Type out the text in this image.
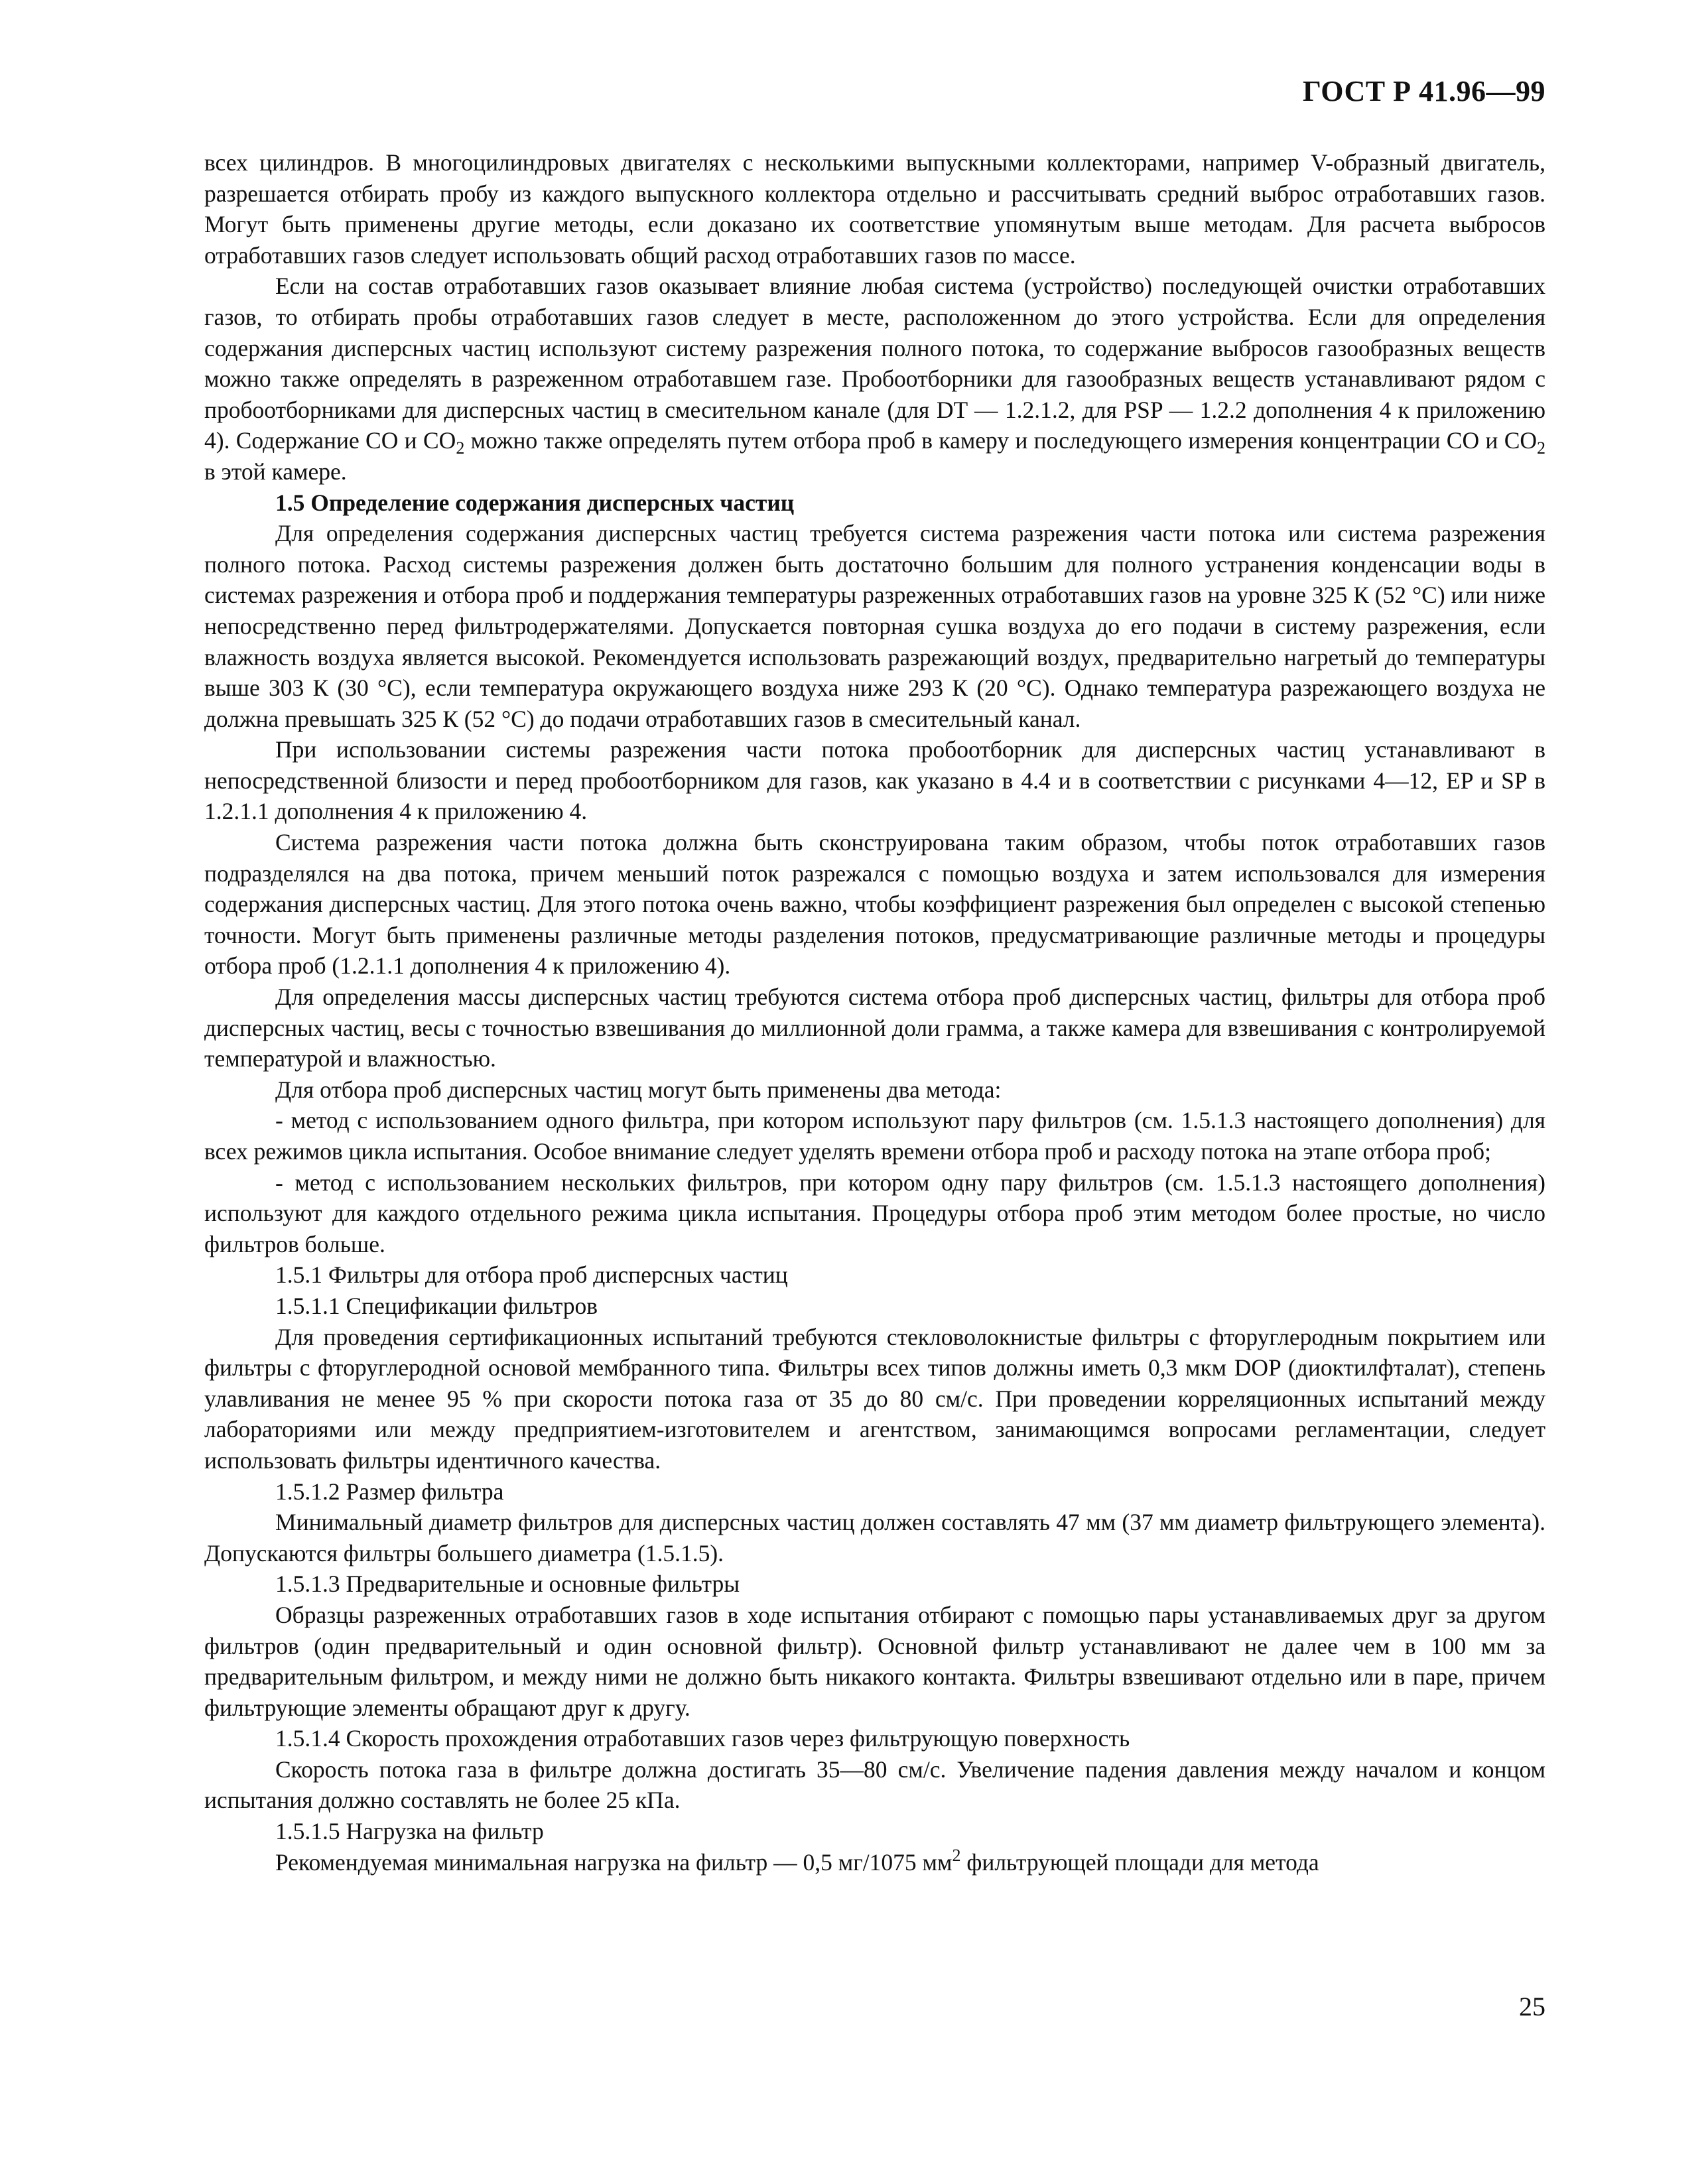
ГОСТ Р 41.96—99

всех цилиндров. В многоцилиндровых двигателях с несколькими выпускными коллекторами, например V-образный двигатель, разрешается отбирать пробу из каждого выпускного коллектора отдельно и рассчитывать средний выброс отработавших газов. Могут быть применены другие методы, если доказано их соответствие упомянутым выше методам. Для расчета выбросов отработавших газов следует использовать общий расход отработавших газов по массе.

Если на состав отработавших газов оказывает влияние любая система (устройство) последующей очистки отработавших газов, то отбирать пробы отработавших газов следует в месте, расположенном до этого устройства. Если для определения содержания дисперсных частиц используют систему разрежения полного потока, то содержание выбросов газообразных веществ можно также определять в разреженном отработавшем газе. Пробоотборники для газообразных веществ устанавливают рядом с пробоотборниками для дисперсных частиц в смесительном канале (для DT — 1.2.1.2, для PSP — 1.2.2 дополнения 4 к приложению 4). Содержание CO и $CO_2$ можно также определять путем отбора проб в камеру и последующего измерения концентрации CO и $CO_2$ в этой камере.

1.5 Определение содержания дисперсных частиц

Для определения содержания дисперсных частиц требуется система разрежения части потока или система разрежения полного потока. Расход системы разрежения должен быть достаточно большим для полного устранения конденсации воды в системах разрежения и отбора проб и поддержания температуры разреженных отработавших газов на уровне 325 К (52 °С) или ниже непосредственно перед фильтродержателями. Допускается повторная сушка воздуха до его подачи в систему разрежения, если влажность воздуха является высокой. Рекомендуется использовать разрежающий воздух, предварительно нагретый до температуры выше 303 К (30 °С), если температура окружающего воздуха ниже 293 К (20 °С). Однако температура разрежающего воздуха не должна превышать 325 К (52 °С) до подачи отработавших газов в смесительный канал.

При использовании системы разрежения части потока пробоотборник для дисперсных частиц устанавливают в непосредственной близости и перед пробоотборником для газов, как указано в 4.4 и в соответствии с рисунками 4—12, EP и SP в 1.2.1.1 дополнения 4 к приложению 4.

Система разрежения части потока должна быть сконструирована таким образом, чтобы поток отработавших газов подразделялся на два потока, причем меньший поток разрежался с помощью воздуха и затем использовался для измерения содержания дисперсных частиц. Для этого потока очень важно, чтобы коэффициент разрежения был определен с высокой степенью точности. Могут быть применены различные методы разделения потоков, предусматривающие различные методы и процедуры отбора проб (1.2.1.1 дополнения 4 к приложению 4).

Для определения массы дисперсных частиц требуются система отбора проб дисперсных частиц, фильтры для отбора проб дисперсных частиц, весы с точностью взвешивания до миллионной доли грамма, а также камера для взвешивания с контролируемой температурой и влажностью.

Для отбора проб дисперсных частиц могут быть применены два метода:

- метод с использованием одного фильтра, при котором используют пару фильтров (см. 1.5.1.3 настоящего дополнения) для всех режимов цикла испытания. Особое внимание следует уделять времени отбора проб и расходу потока на этапе отбора проб;

- метод с использованием нескольких фильтров, при котором одну пару фильтров (см. 1.5.1.3 настоящего дополнения) используют для каждого отдельного режима цикла испытания. Процедуры отбора проб этим методом более простые, но число фильтров больше.

1.5.1 Фильтры для отбора проб дисперсных частиц

1.5.1.1 Спецификации фильтров

Для проведения сертификационных испытаний требуются стекловолокнистые фильтры с фторуглеродным покрытием или фильтры с фторуглеродной основой мембранного типа. Фильтры всех типов должны иметь 0,3 мкм DOP (диоктилфталат), степень улавливания не менее 95 % при скорости потока газа от 35 до 80 см/с. При проведении корреляционных испытаний между лабораториями или между предприятием-изготовителем и агентством, занимающимся вопросами регламентации, следует использовать фильтры идентичного качества.

1.5.1.2 Размер фильтра

Минимальный диаметр фильтров для дисперсных частиц должен составлять 47 мм (37 мм диаметр фильтрующего элемента). Допускаются фильтры большего диаметра (1.5.1.5).

1.5.1.3 Предварительные и основные фильтры

Образцы разреженных отработавших газов в ходе испытания отбирают с помощью пары устанавливаемых друг за другом фильтров (один предварительный и один основной фильтр). Основной фильтр устанавливают не далее чем в 100 мм за предварительным фильтром, и между ними не должно быть никакого контакта. Фильтры взвешивают отдельно или в паре, причем фильтрующие элементы обращают друг к другу.

1.5.1.4 Скорость прохождения отработавших газов через фильтрующую поверхность

Скорость потока газа в фильтре должна достигать 35—80 см/с. Увеличение падения давления между началом и концом испытания должно составлять не более 25 кПа.

1.5.1.5 Нагрузка на фильтр

Рекомендуемая минимальная нагрузка на фильтр — 0,5 мг/1075 $мм^2$ фильтрующей площади для метода

25
